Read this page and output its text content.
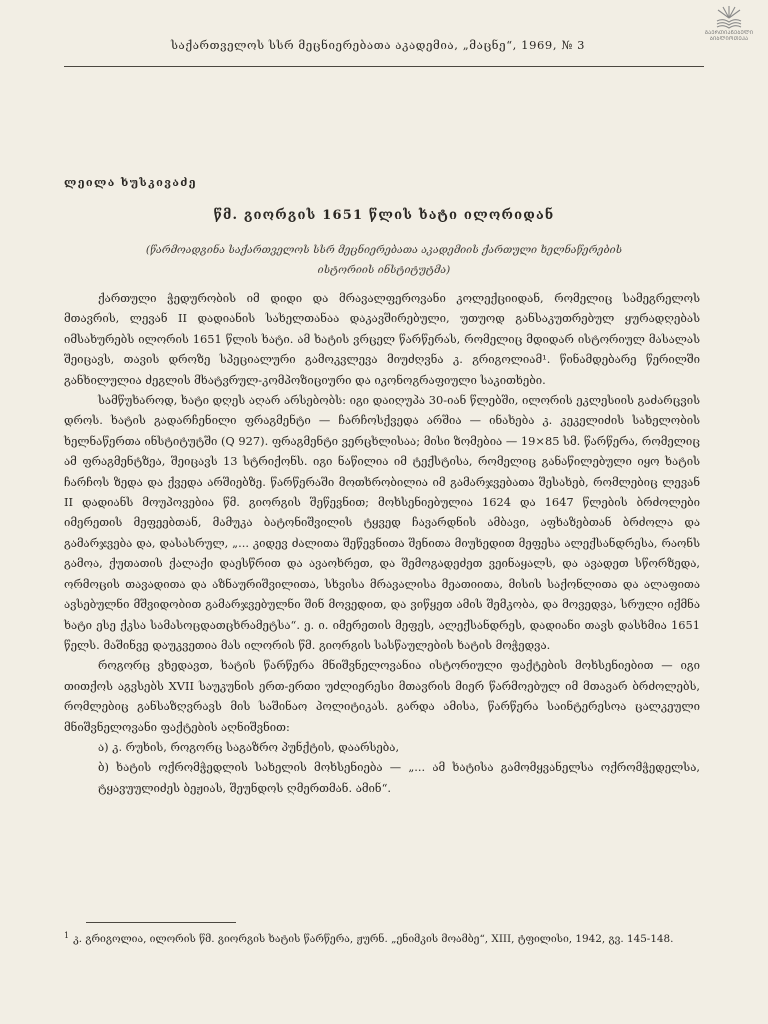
ᲒᲐᲔᲠᲗᲘᲐᲜᲔᲑᲣᲚᲘ
ᲑᲘᲑᲚᲘᲝᲗᲔᲙᲐ
საქართველოს სსრ მეცნიერებათა აკადემია, „მაცნე“, 1969, № 3
ლეილა ხუსკივაძე
წმ. გიორგის 1651 წლის ხატი ილორიდან
(წარმოადგინა საქართველოს სსრ მეცნიერებათა აკადემიის ქართული ხელნაწერების
ისტორიის ინსტიტუტმა)

ქართული ჭედურობის იმ დიდი და მრავალფეროვანი კოლექციიდან, რომელიც სამეგრელოს მთავრის, ლევან II დადიანის სახელთანაა დაკავშირებული, უთუოდ განსაკუთრებულ ყურადღებას იმსახურებს ილორის 1651 წლის ხატი. ამ ხატის ვრცელ წარწერას, რომელიც მდიდარ ისტორიულ მასალას შეიცავს, თავის დროზე სპეციალური გამოკვლევა მიუძღვნა კ. გრიგოლიამ¹. წინამდებარე წერილში განხილულია ძეგლის მხატვრულ-კომპოზიციური და იკონოგრაფიული საკითხები.

სამწუხაროდ, ხატი დღეს აღარ არსებობს: იგი დაიღუპა 30-იან წლებში, ილორის ეკლესიის გაძარცვის დროს. ხატის გადარჩენილი ფრაგმენტი — ჩარჩოსქვედა არშია — ინახება კ. კეკელიძის სახელობის ხელნაწერთა ინსტიტუტში (Q 927). ფრაგმენტი ვერცხლისაა; მისი ზომებია — 19×85 სმ. წარწერა, რომელიც ამ ფრაგმენტზეა, შეიცავს 13 სტრიქონს. იგი ნაწილია იმ ტექსტისა, რომელიც განაწილებული იყო ხატის ჩარჩოს ზედა და ქვედა არშიებზე. წარწერაში მოთხრობილია იმ გამარჯვებათა შესახებ, რომლებიც ლევან II დადიანს მოუპოვებია წმ. გიორგის შეწევნით; მოხსენიებულია 1624 და 1647 წლების ბრძოლები იმერეთის მეფეებთან, მამუკა ბატონიშვილის ტყვედ ჩავარდნის ამბავი, აფხაზებთან ბრძოლა და გამარჯვება და, დასასრულ, „... კიდევ ძალითა შეწევნითა შენითა მიუხედით მეფესა ალექსანდრესა, რაონს გამოა, ქუთათის ქალაქი დაესწრით და ავაოხრეთ, და შემოგადეძეთ ვეინაყალს, და ავადეთ სწორზედა, ორმოცის თავადითა და აზნაურიშვილითა, სხვისა მრავალისა მეათიითა, მისის საქონლითა და ალაფითა ავსებულნი მშვიდობით გამარჯვებულნი შინ მოვედით, და ვიწყეთ ამის შემკობა, და მოვედვა, სრული იქმნა ხატი ესე ქკსა სამასოცდათცხრამეტსა“. ე. ი. იმერეთის მეფეს, ალექსანდრეს, დადიანი თავს დასხმია 1651 წელს. მაშინვე დაუკვეთია მას ილორის წმ. გიორგის სასწაულების ხატის მოჭედვა.

როგორც ვხედავთ, ხატის წარწერა მნიშვნელოვანია ისტორიული ფაქტების მოხსენიებით — იგი თითქოს აგვსებს XVII საუკუნის ერთ-ერთი უძლიერესი მთავრის მიერ წარმოებულ იმ მთავარ ბრძოლებს, რომლებიც განსაზღვრავს მის საშინაო პოლიტიკას. გარდა ამისა, წარწერა საინტერესოა ცალკეული მნიშვნელოვანი ფაქტების აღნიშვნით:

ა) კ. რუხის, როგორც საგაზრო პუნქტის, დაარსება,

ბ) ხატის ოქრომჭედლის სახელის მოხსენიება — „... ამ ხატისა გამომყვანელსა ოქრომჭედელსა, ტყავუულიძეს ბეჟიას, შეუნდოს ღმერთმან. ამინ“.

$^1$ კ. გრიგოლია, ილორის წმ. გიორგის ხატის წარწერა, ჟურნ. „ენიმკის მოამბე“, XIII, ტფილისი, 1942, გვ. 145-148.
